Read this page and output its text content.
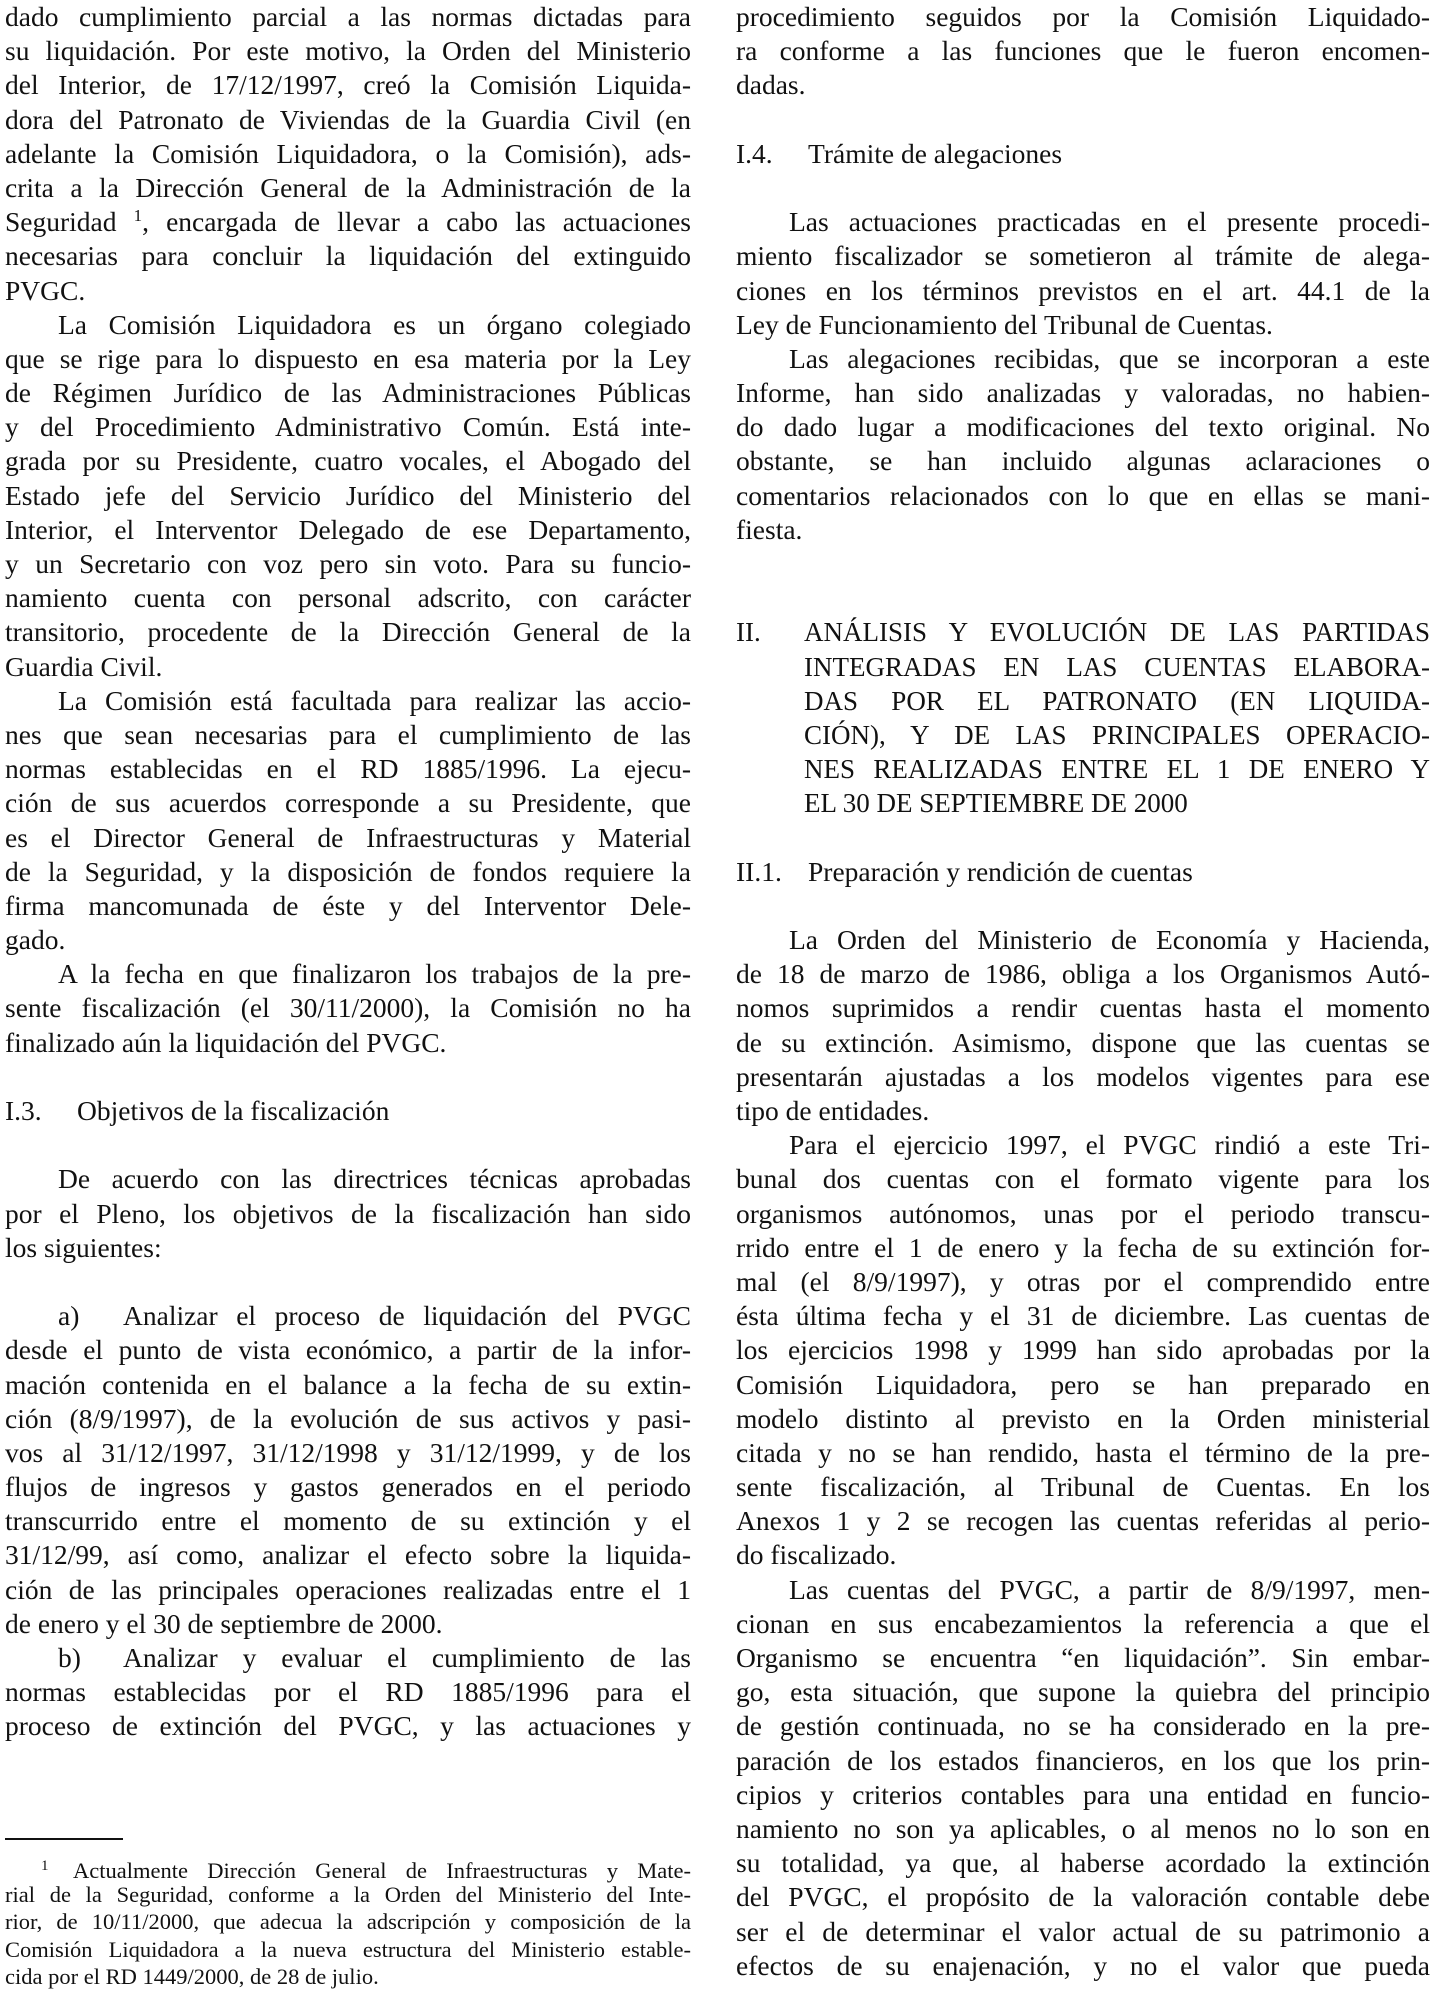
dado cumplimiento parcial a las normas dictadas para
su liquidación. Por este motivo, la Orden del Ministerio
del Interior, de 17/12/1997, creó la Comisión Liquida-
dora del Patronato de Viviendas de la Guardia Civil (en
adelante la Comisión Liquidadora, o la Comisión), ads-
crita a la Dirección General de la Administración de la
Seguridad $^1$, encargada de llevar a cabo las actuaciones
necesarias para concluir la liquidación del extinguido
PVGC.
La Comisión Liquidadora es un órgano colegiado
que se rige para lo dispuesto en esa materia por la Ley
de Régimen Jurídico de las Administraciones Públicas
y del Procedimiento Administrativo Común. Está inte-
grada por su Presidente, cuatro vocales, el Abogado del
Estado jefe del Servicio Jurídico del Ministerio del
Interior, el Interventor Delegado de ese Departamento,
y un Secretario con voz pero sin voto. Para su funcio-
namiento cuenta con personal adscrito, con carácter
transitorio, procedente de la Dirección General de la
Guardia Civil.
La Comisión está facultada para realizar las accio-
nes que sean necesarias para el cumplimiento de las
normas establecidas en el RD 1885/1996. La ejecu-
ción de sus acuerdos corresponde a su Presidente, que
es el Director General de Infraestructuras y Material
de la Seguridad, y la disposición de fondos requiere la
firma mancomunada de éste y del Interventor Dele-
gado.
A la fecha en que finalizaron los trabajos de la pre-
sente fiscalización (el 30/11/2000), la Comisión no ha
finalizado aún la liquidación del PVGC.
I.3. Objetivos de la fiscalización
De acuerdo con las directrices técnicas aprobadas
por el Pleno, los objetivos de la fiscalización han sido
los siguientes:
a) Analizar el proceso de liquidación del PVGC
desde el punto de vista económico, a partir de la infor-
mación contenida en el balance a la fecha de su extin-
ción (8/9/1997), de la evolución de sus activos y pasi-
vos al 31/12/1997, 31/12/1998 y 31/12/1999, y de los
flujos de ingresos y gastos generados en el periodo
transcurrido entre el momento de su extinción y el
31/12/99, así como, analizar el efecto sobre la liquida-
ción de las principales operaciones realizadas entre el 1
de enero y el 30 de septiembre de 2000.
b) Analizar y evaluar el cumplimiento de las
normas establecidas por el RD 1885/1996 para el
proceso de extinción del PVGC, y las actuaciones y
1 Actualmente Dirección General de Infraestructuras y Mate-
rial de la Seguridad, conforme a la Orden del Ministerio del Inte-
rior, de 10/11/2000, que adecua la adscripción y composición de la
Comisión Liquidadora a la nueva estructura del Ministerio estable-
cida por el RD 1449/2000, de 28 de julio.
procedimiento seguidos por la Comisión Liquidado-
ra conforme a las funciones que le fueron encomen-
dadas.
I.4. Trámite de alegaciones
Las actuaciones practicadas en el presente procedi-
miento fiscalizador se sometieron al trámite de alega-
ciones en los términos previstos en el art. 44.1 de la
Ley de Funcionamiento del Tribunal de Cuentas.
Las alegaciones recibidas, que se incorporan a este
Informe, han sido analizadas y valoradas, no habien-
do dado lugar a modificaciones del texto original. No
obstante, se han incluido algunas aclaraciones o
comentarios relacionados con lo que en ellas se mani-
fiesta.
II. ANÁLISIS Y EVOLUCIÓN DE LAS PARTIDAS
INTEGRADAS EN LAS CUENTAS ELABORA-
DAS POR EL PATRONATO (EN LIQUIDA-
CIÓN), Y DE LAS PRINCIPALES OPERACIO-
NES REALIZADAS ENTRE EL 1 DE ENERO Y
EL 30 DE SEPTIEMBRE DE 2000
II.1. Preparación y rendición de cuentas
La Orden del Ministerio de Economía y Hacienda,
de 18 de marzo de 1986, obliga a los Organismos Autó-
nomos suprimidos a rendir cuentas hasta el momento
de su extinción. Asimismo, dispone que las cuentas se
presentarán ajustadas a los modelos vigentes para ese
tipo de entidades.
Para el ejercicio 1997, el PVGC rindió a este Tri-
bunal dos cuentas con el formato vigente para los
organismos autónomos, unas por el periodo transcu-
rrido entre el 1 de enero y la fecha de su extinción for-
mal (el 8/9/1997), y otras por el comprendido entre
ésta última fecha y el 31 de diciembre. Las cuentas de
los ejercicios 1998 y 1999 han sido aprobadas por la
Comisión Liquidadora, pero se han preparado en
modelo distinto al previsto en la Orden ministerial
citada y no se han rendido, hasta el término de la pre-
sente fiscalización, al Tribunal de Cuentas. En los
Anexos 1 y 2 se recogen las cuentas referidas al perio-
do fiscalizado.
Las cuentas del PVGC, a partir de 8/9/1997, men-
cionan en sus encabezamientos la referencia a que el
Organismo se encuentra “en liquidación”. Sin embar-
go, esta situación, que supone la quiebra del principio
de gestión continuada, no se ha considerado en la pre-
paración de los estados financieros, en los que los prin-
cipios y criterios contables para una entidad en funcio-
namiento no son ya aplicables, o al menos no lo son en
su totalidad, ya que, al haberse acordado la extinción
del PVGC, el propósito de la valoración contable debe
ser el de determinar el valor actual de su patrimonio a
efectos de su enajenación, y no el valor que pueda
